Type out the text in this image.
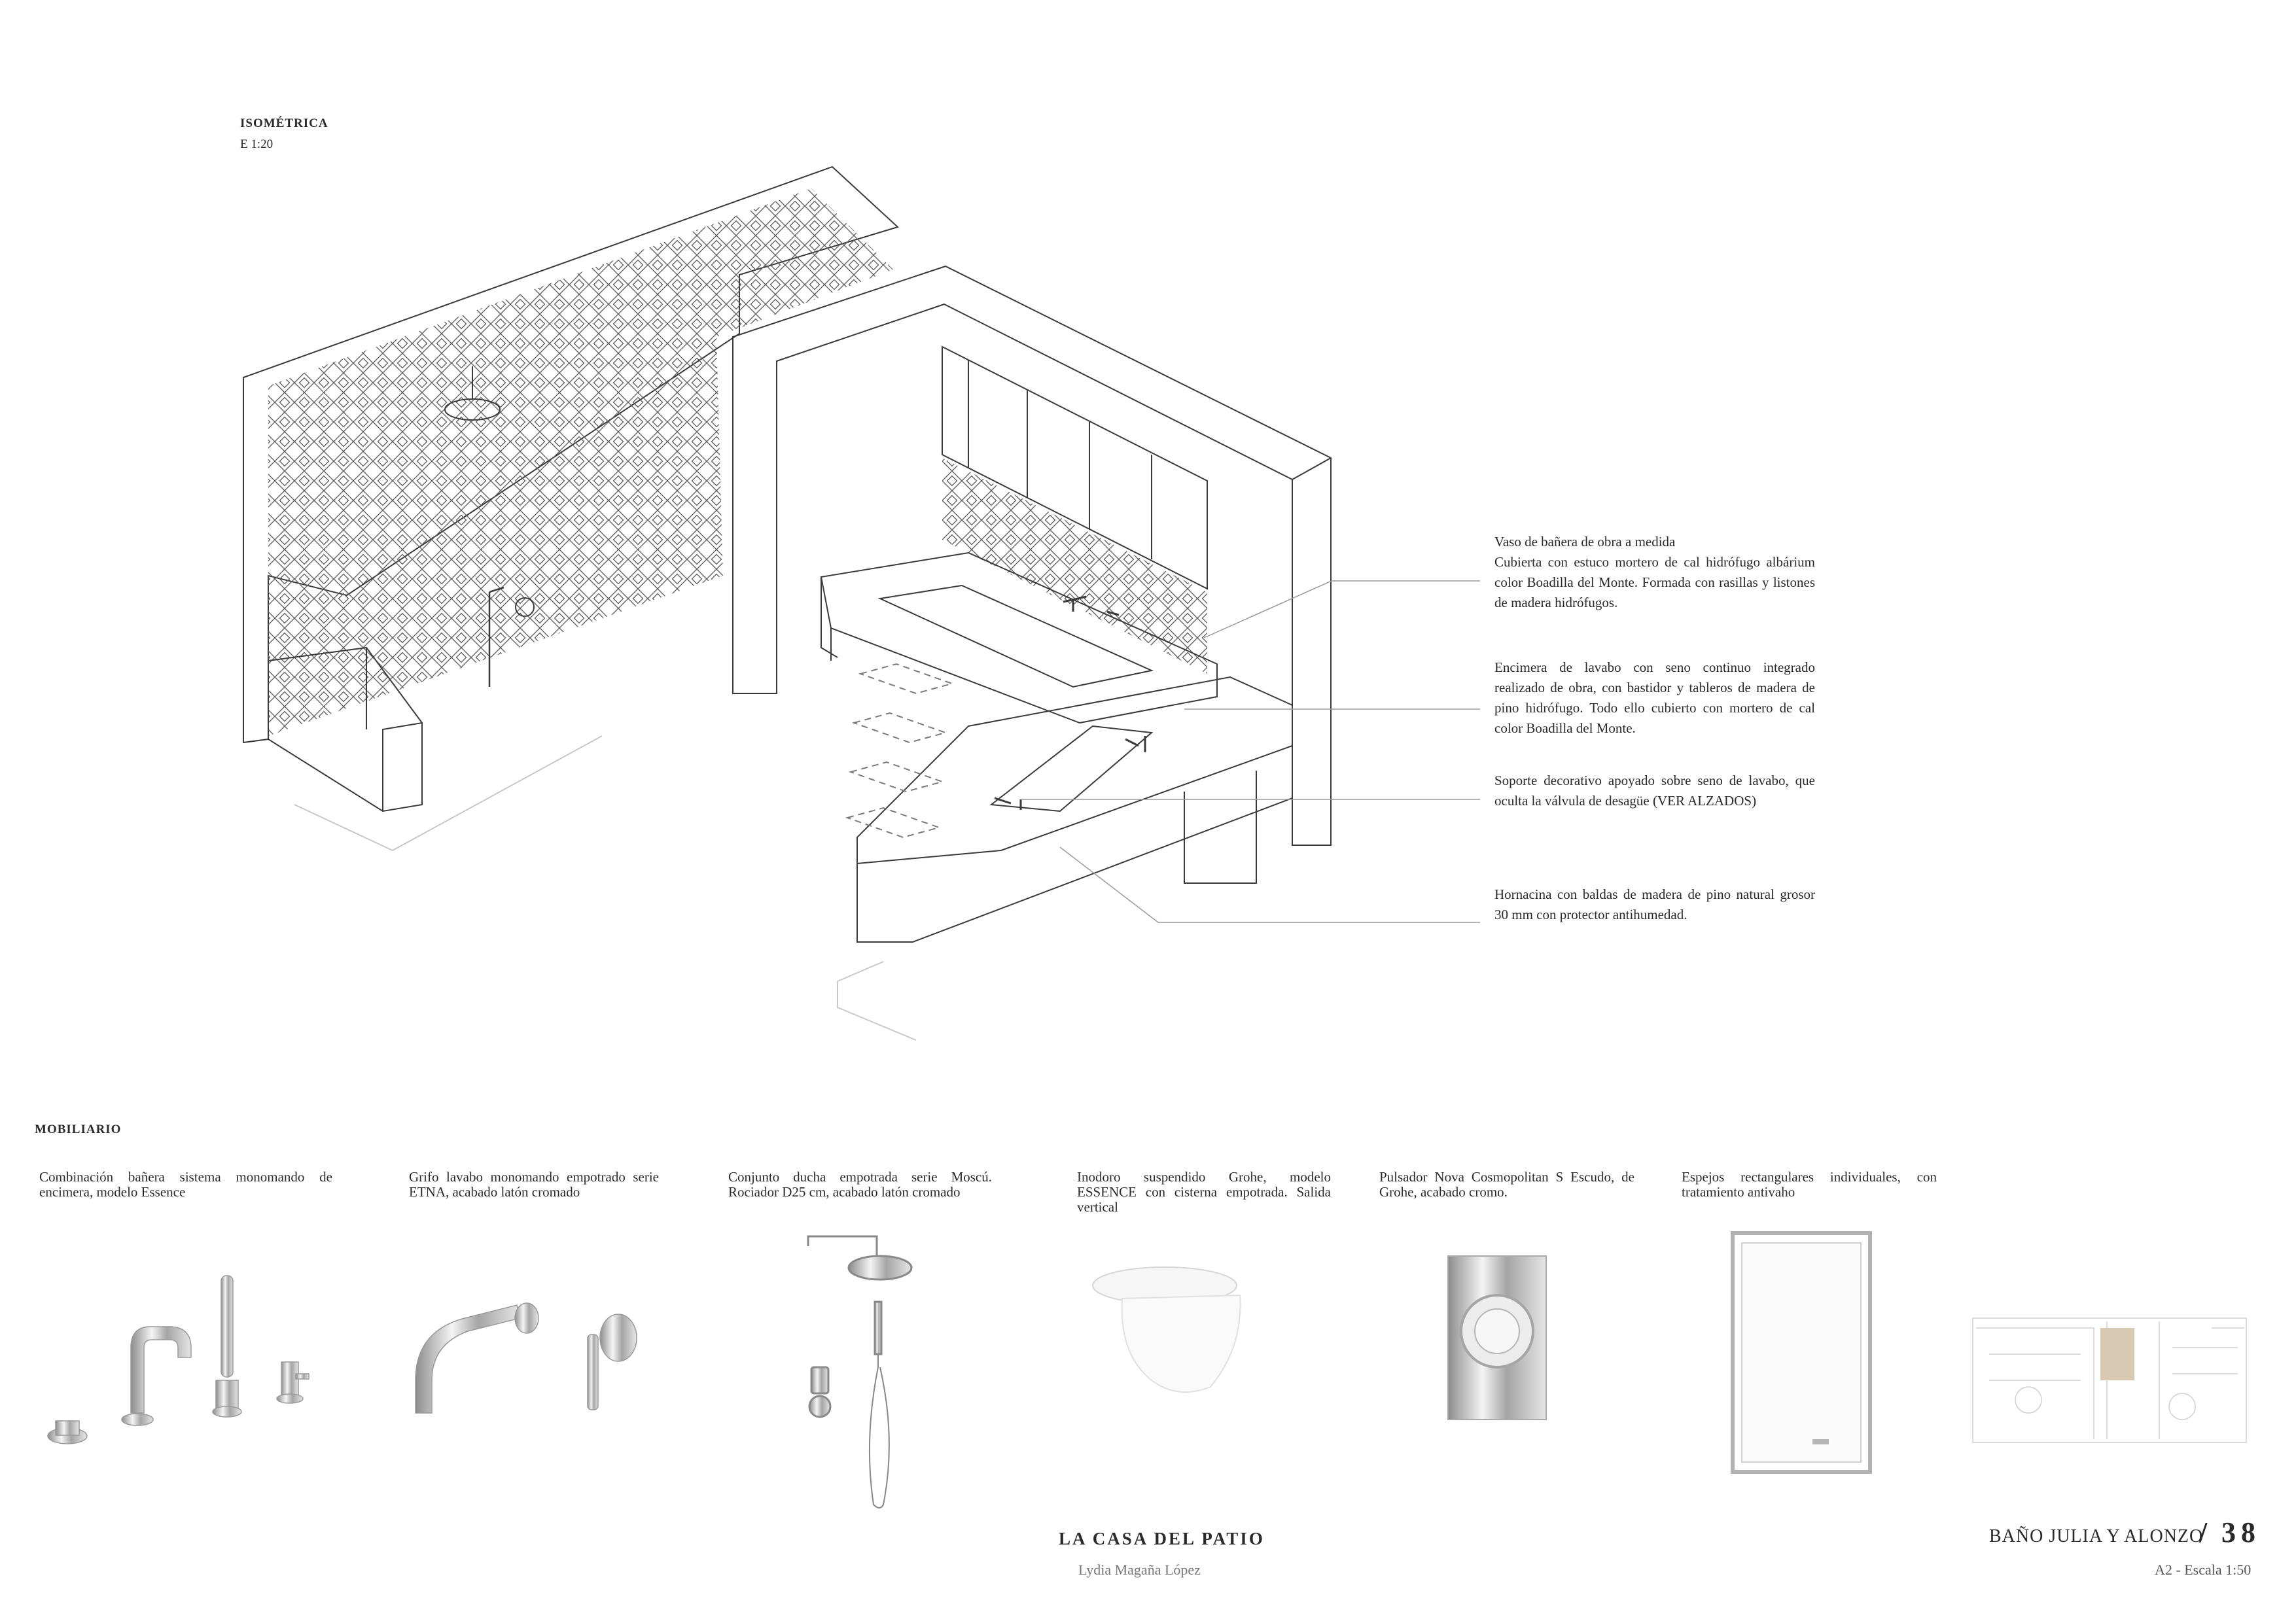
ISOMÉTRICA
E 1:20
Vaso de bañera de obra a medida
Cubierta con estuco mortero de cal hidrófugo albárium color Boadilla del Monte. Formada con rasillas y listones de madera hidrófugos.
Encimera de lavabo con seno continuo integrado realizado de obra, con bastidor y tableros de madera de pino hidrófugo. Todo ello cubierto con mortero de cal color Boadilla del Monte.
Soporte decorativo apoyado sobre seno de lavabo, que oculta la válvula de desagüe (VER ALZADOS)
Hornacina con baldas de madera de pino natural grosor 30 mm con protector antihumedad.
MOBILIARIO
Combinación bañera sistema monomando de encimera, modelo Essence
Grifo lavabo monomando empotrado serie ETNA, acabado latón cromado
Conjunto ducha empotrada serie Moscú. Rociador D25 cm, acabado latón cromado
Inodoro suspendido Grohe, modelo ESSENCE con cisterna empotrada. Salida vertical
Pulsador Nova Cosmopolitan S Escudo, de Grohe, acabado cromo.
Espejos rectangulares individuales, con tratamiento antivaho
LA CASA DEL PATIO
Lydia Magaña López
BAÑO JULIA Y ALONZO
/ 38
A2 - Escala 1:50
